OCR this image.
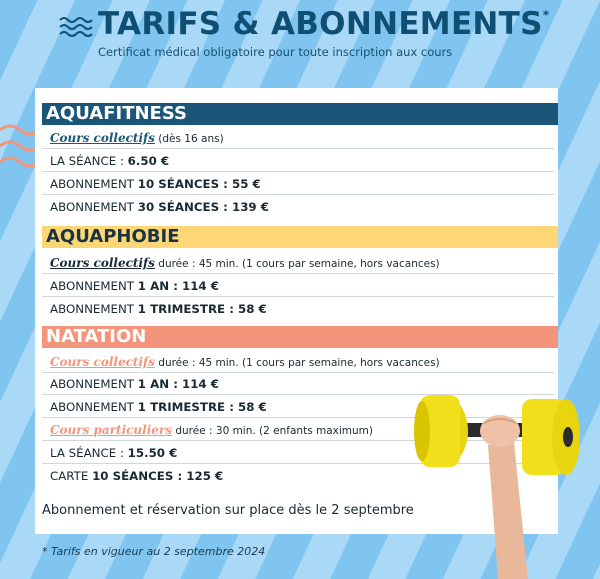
TARIFS & ABONNEMENTS*

Certificat médical obligatoire pour toute inscription aux cours

AQUAFITNESS
Cours collectifs (dès 16 ans)
LA SÉANCE : 6.50 €
ABONNEMENT 10 SÉANCES : 55 €
ABONNEMENT 30 SÉANCES : 139 €
AQUAPHOBIE
Cours collectifs durée : 45 min. (1 cours par semaine, hors vacances)
ABONNEMENT 1 AN : 114 €
ABONNEMENT 1 TRIMESTRE : 58 €
NATATION
Cours collectifs durée : 45 min. (1 cours par semaine, hors vacances)
ABONNEMENT 1 AN : 114 €
ABONNEMENT 1 TRIMESTRE : 58 €
Cours particuliers durée : 30 min. (2 enfants maximum)
LA SÉANCE : 15.50 €
CARTE 10 SÉANCES : 125 €
Abonnement et réservation sur place dès le 2 septembre
* Tarifs en vigueur au 2 septembre 2024
